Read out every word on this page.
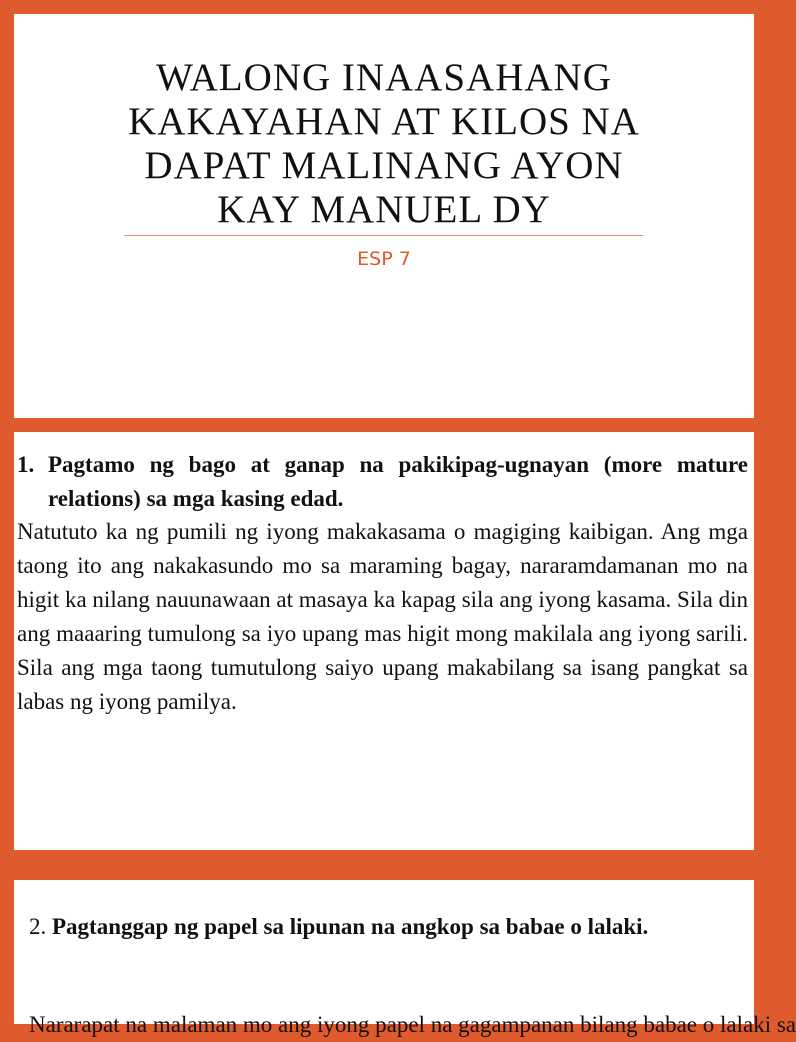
WALONG INAASAHANG
KAKAYAHAN AT KILOS NA
DAPAT MALINANG AYON
KAY MANUEL DY
ESP 7
1. Pagtamo ng bago at ganap na pakikipag-ugnayan (more mature relations) sa mga kasing edad.
Natututo ka ng pumili ng iyong makakasama o magiging kaibigan. Ang mga taong ito ang nakakasundo mo sa maraming bagay, nararamdamanan mo na higit ka nilang nauunawaan at masaya ka kapag sila ang iyong kasama. Sila din ang maaaring tumulong sa iyo upang mas higit mong makilala ang iyong sarili. Sila ang mga taong tumutulong saiyo upang makabilang sa isang pangkat sa labas ng iyong pamilya.
2. Pagtanggap ng papel sa lipunan na angkop sa babae o lalaki.
Nararapat na malaman mo ang iyong papel na gagampanan bilang babae o lalaki sa
